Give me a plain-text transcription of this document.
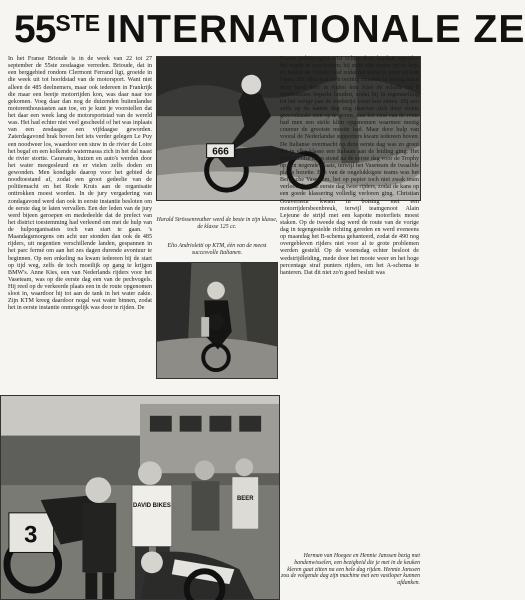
55STE INTERNATIONALE ZE

In het Franse Brioude is in de week van 22 tot 27 september de 55ste zesdaagse verreden. Brioude, dat in een berggebied rondom Clermont Ferrand ligt, groeide in die week uit tot hoofdstad van de motorsport. Want niet alleen de 485 deelnemers, maar ook iedereen in Frankrijk die maar een beetje motorrijden kon, was daar naar toe gekomen. Voeg daar dan nog de duizenden buitenlandse motorenthousiasten aan toe, en je kunt je voorstellen dat het daar een week lang de motorsportstad van de wereld was. Het had echter niet veel gescheeld of het was inplaats van een zesdaagse een vijfdaagse geworden. Zaterdagavond brak boven het iets verder gelegen Le Puy een noodweer los, waardoor een stuw in de rivier de Loire het begaf en een kolkende watermassa zich in het dal naast de rivier stortte. Caravans, huizen en auto's werden door het water meegesleurd en er vielen zelfs doden en gewonden. Men kondigde daarop voor het gebied de noodtoestand af, zodat een groot gedeelte van de politiemacht en het Rode Kruis aan de organisatie onttrokken moest worden. In de jury vergadering van zondagavond werd dan ook in eerste instantie besloten om de eerste dag te laten vervallen. Een der leden van de jury werd bijeen geroepen en mededeelde dat de prefect van het district toestemming had verleend om met de hulp van de hulporganisaties toch van start te gaan. 's Maandagsmorgens om acht uur stonden dan ook de 485 rijders, uit negentien verschillende landen, gespannen in het parc fermé om aan het zes dagen durende avontuur te beginnen. Op een enkeling na kwam iedereen bij de start op tijd weg, zelfs de toch moeilijk op gang te krijgen BMW's. Anne Kies, een van Nederlands rijders voor het Vaseteam, was op die eerste dag een van de pechvogels. Hij reed op de verkeerde plaats een in de route opgenomen sloot in, waardoor hij tot aan de tank in het water zakte. Zijn KTM kreeg daardoor nogal wat water binnen, zodat het in eerste instantie onmogelijk was door te rijden. De

666
Harald Strössenreuther werd de beste in zijn klasse, de klasse 125 cc.
Elio Andrioletti op KTM, één van de meest succesvolle Italianen.

Franse politie-agent wist echter door kordaat optreden het ergste te voorkomen; hij zette zijn motor op de kop, en haalde de cilinder eraf zodat het water er weer uit kon lopen. Dit alles kon zo'n twintig minuten in beslag maar door hard door te rijden kon Kies de schade tot 8 strafminuten beperkt houden, zodat hij in tegenstelling tot het vorige jaar de wedstrijd voort kon zetten. Hij zou zelfs op de laatste dag nog daarvan zich door ziekte genoodzaakt zien op te geven. Aan het eind van de route had men een steile klim opgenomen waarmee menig coureur de grootste moeite had. Maar door hulp van vooral de Nederlandse supporters kwam iedereen boven. De Italianse overmacht op deze eerste dag was zo groot dat in elke klasse een Italiaan aan de leiding ging. Het Nederlandse team stond na de eerste dag voor de Trophy op een negende plaats, terwijl het Vaseteam de twaalfde plaats bezette. Eén van de ongelukkigste teams was het Belgische Vaseteam, het op papier toch niet zwak team verloor al op de eerste dag twee rijders, zodat de kans op een goede klassering volledig verloren ging. Christian Gouverneur kwam in botsing met een motorrijdersbeenbreuk, terwijl teamgenoot Alain Lejeune de strijd met een kapotte motorfiets moest staken. Op de tweede dag werd de route van de vorige dag in tegengestelde richting gereden en werd eveneens op maandag het B-schema gehanteerd, zodat de 490 nog overgebleven rijders niet voor al te grote problemen werden gesteld. Op de woensdag echter besloot de wedstrijdleiding, mede door het mooie weer en het hoge percentage straf punters rijders, om het A-schema te hanteren. Dat dit niet zo'n goed besluit was

3
DAVID BIKES
BEER
Herman van Hoegee en Hennie Janssen bezig met bandenwisselen, een bezigheid die je met in de keuken kleren gaat zitten na een hele dag rijden. Hennie Janssen zou de volgende dag zijn machine met een vastloper kunnen afdanken.
